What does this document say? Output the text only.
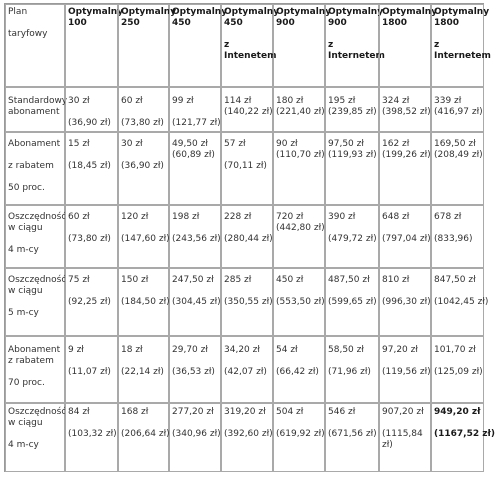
Plan
taryfowy
Optymalny
100
Optymalny
250
Optymalny
450
Optymalny
450
z
Intenetem
Optymalny
900
Optymalny
900
z
Internetem
Optymalny
1800
Optymalny
1800
z
Internetem
Standardowy
abonament
30 zł
(36,90 zł)
60 zł
(73,80 zł)
99 zł
(121,77 zł)
114 zł
(140,22 zł)
180 zł
(221,40 zł)
195 zł
(239,85 zł)
324 zł
(398,52 zł)
339 zł
(416,97 zł)
Abonament
z rabatem
50 proc.
15 zł
(18,45 zł)
30 zł
(36,90 zł)
49,50 zł
(60,89 zł)
57 zł
(70,11 zł)
90 zł
(110,70 zł)
97,50 zł
(119,93 zł)
162 zł
(199,26 zł)
169,50 zł
(208,49 zł)
Oszczędność
w ciągu
4 m-cy
60 zł
(73,80 zł)
120 zł
(147,60 zł)
198 zł
(243,56 zł)
228 zł
(280,44 zł)
720 zł
(442,80 zł)
390 zł
(479,72 zł)
648 zł
(797,04 zł)
678 zł
(833,96)
Oszczędność
w ciągu
5 m-cy
75 zł
(92,25 zł)
150 zł
(184,50 zł)
247,50 zł
(304,45 zł)
285 zł
(350,55 zł)
450 zł
(553,50 zł)
487,50 zł
(599,65 zł)
810 zł
(996,30 zł)
847,50 zł
(1042,45 zł)
Abonament
z rabatem
70 proc.
9 zł
(11,07 zł)
18 zł
(22,14 zł)
29,70 zł
(36,53 zł)
34,20 zł
(42,07 zł)
54 zł
(66,42 zł)
58,50 zł
(71,96 zł)
97,20 zł
(119,56 zł)
101,70 zł
(125,09 zł)
Oszczędność
w ciągu
4 m-cy
84 zł
(103,32 zł)
168 zł
(206,64 zł)
277,20 zł
(340,96 zł)
319,20 zł
(392,60 zł)
504 zł
(619,92 zł)
546 zł
(671,56 zł)
907,20 zł
(1115,84
zł)
949,20 zł
(1167,52 zł)
